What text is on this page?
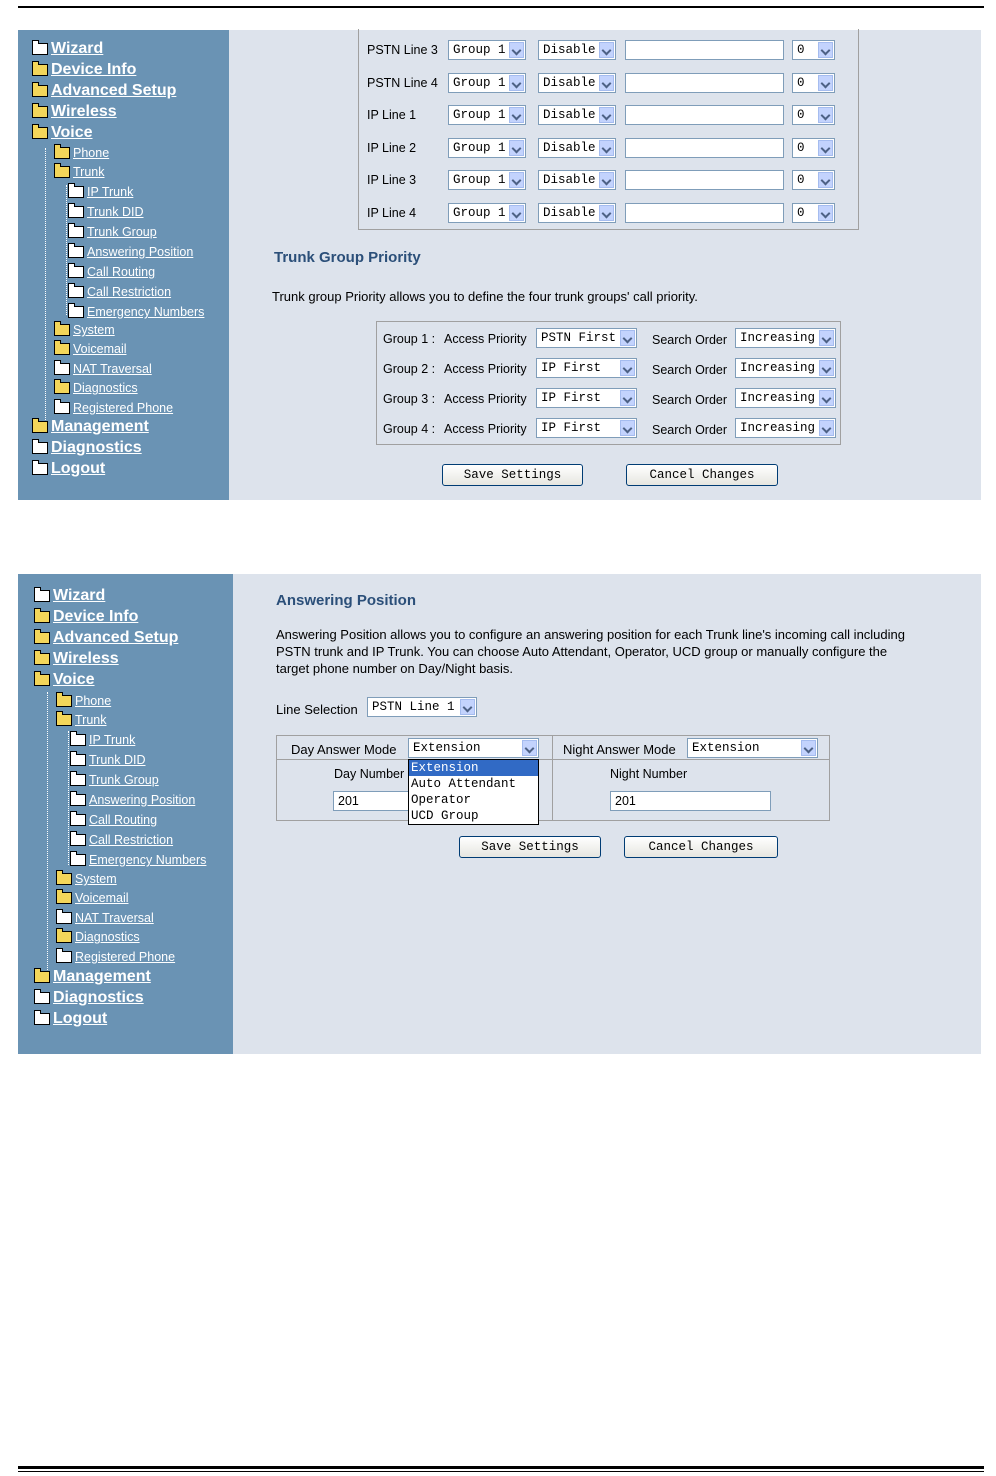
Wizard
Device Info
Advanced Setup
Wireless
Voice
Phone
Trunk
IP Trunk
Trunk DID
Trunk Group
Answering Position
Call Routing
Call Restriction
Emergency Numbers
System
Voicemail
NAT Traversal
Diagnostics
Registered Phone
Management
Diagnostics
Logout
PSTN Line 3	Group 1	Disable	0
PSTN Line 4	Group 1	Disable	0
IP Line 1	Group 1	Disable	0
IP Line 2	Group 1	Disable	0
IP Line 3	Group 1	Disable	0
IP Line 4	Group 1	Disable	0
Trunk Group Priority
Trunk group Priority allows you to define the four trunk groups' call priority.
Group 1 : Access Priority	PSTN First	Search Order	Increasing
Group 2 : Access Priority	IP First	Search Order	Increasing
Group 3 : Access Priority	IP First	Search Order	Increasing
Group 4 : Access Priority	IP First	Search Order	Increasing
Save Settings	Cancel Changes
Wizard
Device Info
Advanced Setup
Wireless
Voice
Phone
Trunk
IP Trunk
Trunk DID
Trunk Group
Answering Position
Call Routing
Call Restriction
Emergency Numbers
System
Voicemail
NAT Traversal
Diagnostics
Registered Phone
Management
Diagnostics
Logout
Answering Position
Answering Position allows you to configure an answering position for each Trunk line's incoming call including
PSTN trunk and IP Trunk. You can choose Auto Attendant, Operator, UCD group or manually configure the
target phone number on Day/Night basis.
Line Selection	PSTN Line 1
Day Answer Mode	Extension	Night Answer Mode	Extension
Day Number	Night Number
201	201
Extension
Auto Attendant
Operator
UCD Group
Save Settings	Cancel Changes
